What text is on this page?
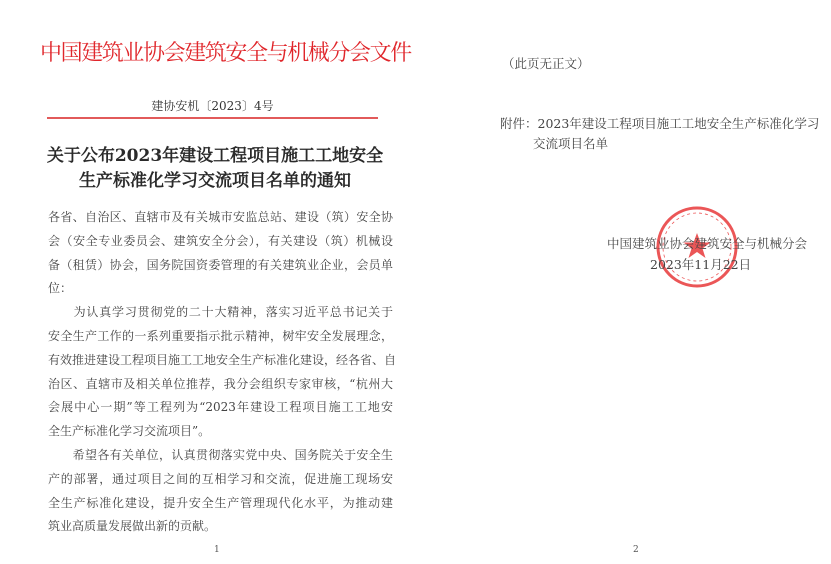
中国建筑业协会建筑安全与机械分会文件
建协安机〔2023〕4号
关于公布2023年建设工程项目施工工地安全
生产标准化学习交流项目名单的通知
各省、自治区、直辖市及有关城市安监总站、建设（筑）安全协
会（安全专业委员会、建筑安全分会），有关建设（筑）机械设
备（租赁）协会，国务院国资委管理的有关建筑业企业，会员单
位：
　　为认真学习贯彻党的二十大精神，落实习近平总书记关于
安全生产工作的一系列重要指示批示精神，树牢安全发展理念，
有效推进建设工程项目施工工地安全生产标准化建设，经各省、自
治区、直辖市及相关单位推荐，我分会组织专家审核，“杭州大
会展中心一期”等工程列为“2023年建设工程项目施工工地安
全生产标准化学习交流项目”。
　　希望各有关单位，认真贯彻落实党中央、国务院关于安全生
产的部署，通过项目之间的互相学习和交流，促进施工现场安
全生产标准化建设，提升安全生产管理现代化水平，为推动建
筑业高质量发展做出新的贡献。
1
（此页无正文）
附件：2023年建设工程项目施工工地安全生产标准化学习
交流项目名单
中国建筑业协会建筑安全与机械分会
2023年11月22日
2
